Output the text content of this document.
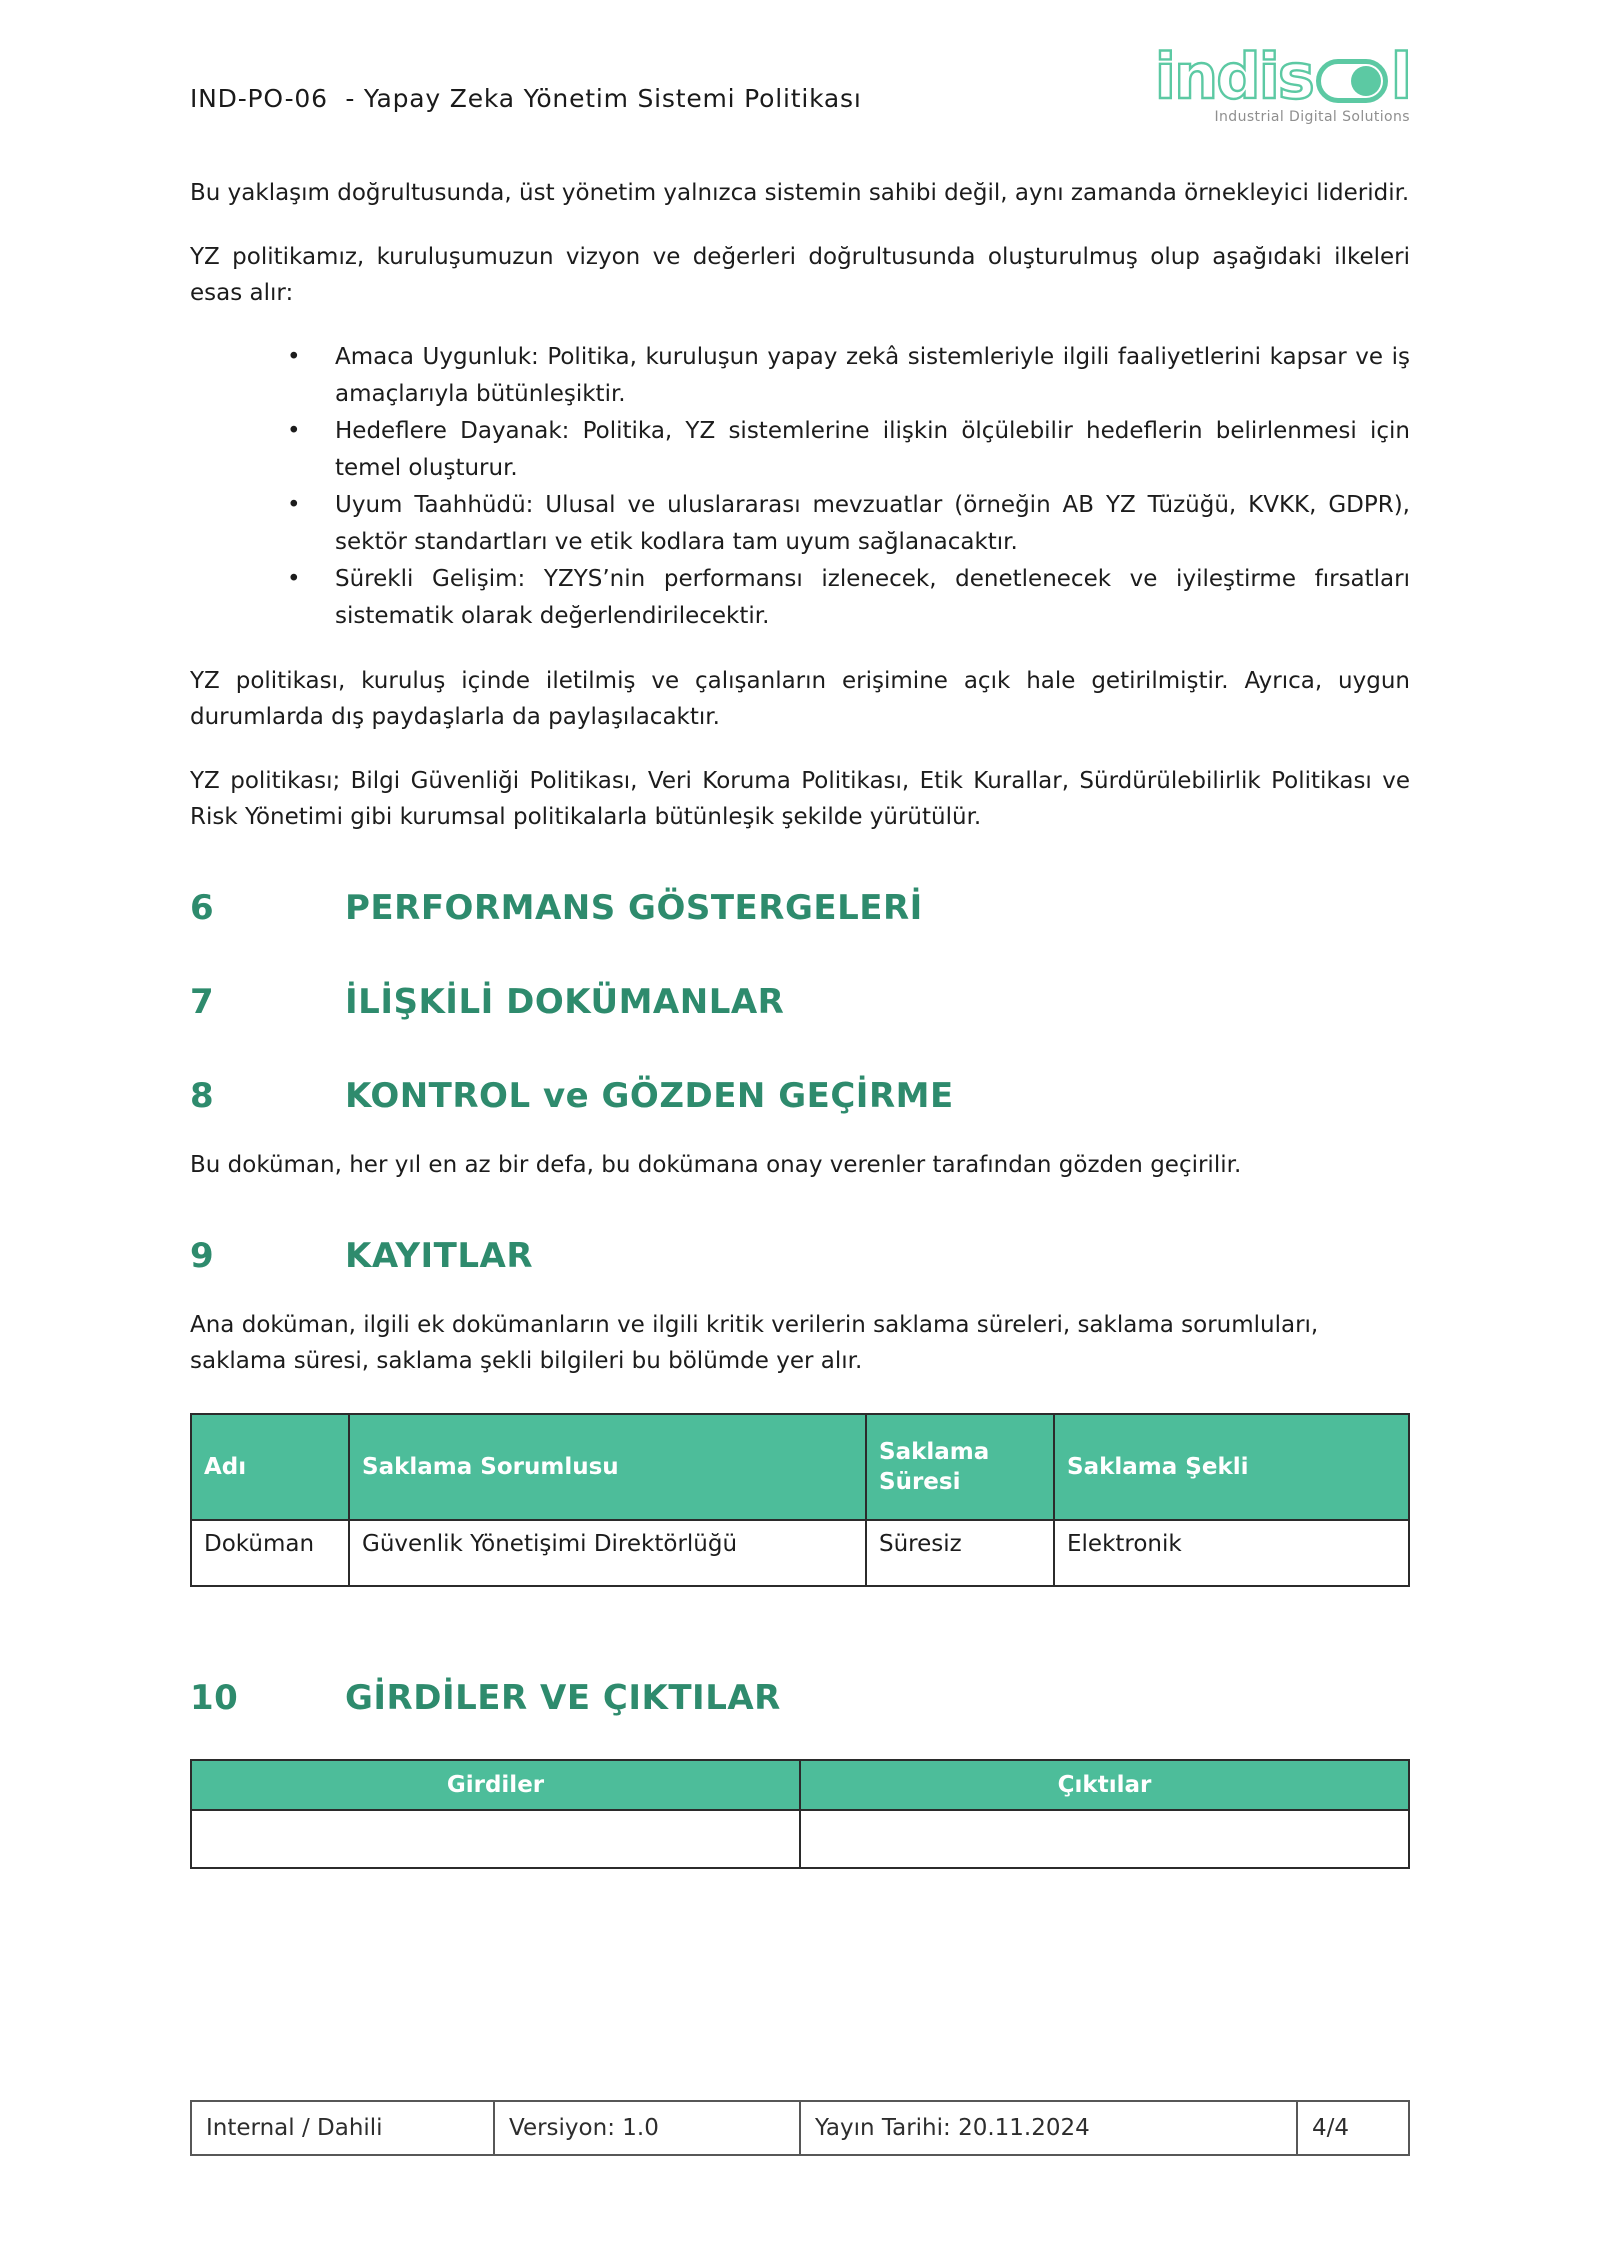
IND-PO-06  - Yapay Zeka Yönetim Sistemi Politikası	indis l
Industrial Digital Solutions

Bu yaklaşım doğrultusunda, üst yönetim yalnızca sistemin sahibi değil, aynı zamanda örnekleyici lideridir.

YZ politikamız, kuruluşumuzun vizyon ve değerleri doğrultusunda oluşturulmuş olup aşağıdaki ilkeleri esas alır:

• Amaca Uygunluk: Politika, kuruluşun yapay zekâ sistemleriyle ilgili faaliyetlerini kapsar ve iş amaçlarıyla bütünleşiktir.
• Hedeflere Dayanak: Politika, YZ sistemlerine ilişkin ölçülebilir hedeflerin belirlenmesi için temel oluşturur.
• Uyum Taahhüdü: Ulusal ve uluslararası mevzuatlar (örneğin AB YZ Tüzüğü, KVKK, GDPR), sektör standartları ve etik kodlara tam uyum sağlanacaktır.
• Sürekli Gelişim: YZYS’nin performansı izlenecek, denetlenecek ve iyileştirme fırsatları sistematik olarak değerlendirilecektir.

YZ politikası, kuruluş içinde iletilmiş ve çalışanların erişimine açık hale getirilmiştir. Ayrıca, uygun durumlarda dış paydaşlarla da paylaşılacaktır.

YZ politikası; Bilgi Güvenliği Politikası, Veri Koruma Politikası, Etik Kurallar, Sürdürülebilirlik Politikası ve Risk Yönetimi gibi kurumsal politikalarla bütünleşik şekilde yürütülür.

6	PERFORMANS GÖSTERGELERİ
7	İLİŞKİLİ DOKÜMANLAR
8	KONTROL ve GÖZDEN GEÇİRME

Bu doküman, her yıl en az bir defa, bu dokümana onay verenler tarafından gözden geçirilir.

9	KAYITLAR

Ana doküman, ilgili ek dokümanların ve ilgili kritik verilerin saklama süreleri, saklama sorumluları, saklama süresi, saklama şekli bilgileri bu bölümde yer alır.

Adı	Saklama Sorumlusu	Saklama Süresi	Saklama Şekli
Doküman	Güvenlik Yönetişimi Direktörlüğü	Süresiz	Elektronik
10	GİRDİLER VE ÇIKTILAR
Girdiler	Çıktılar

Internal / Dahili	Versiyon: 1.0	Yayın Tarihi: 20.11.2024	4/4
